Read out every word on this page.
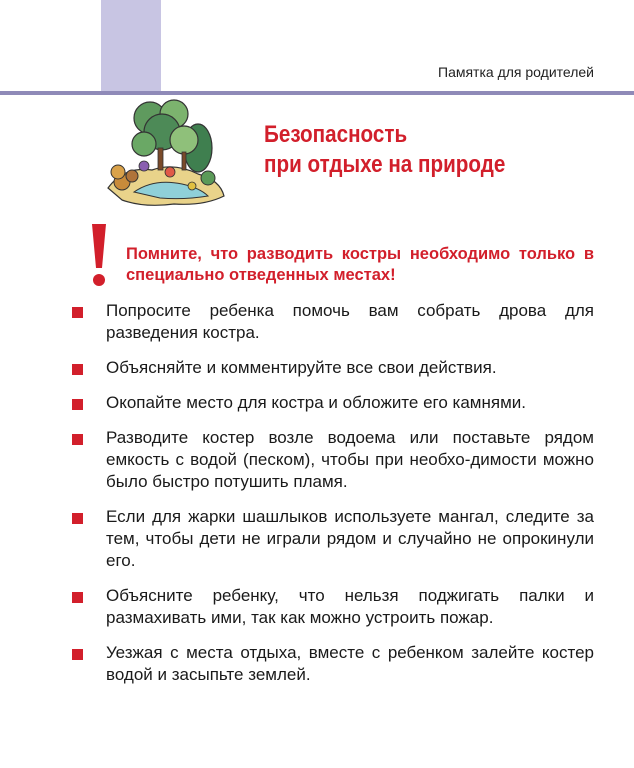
Памятка для родителей
Безопасность
при отдыхе на природе
Помните, что разводить костры необходимо только в специально отведенных местах!
Попросите ребенка помочь вам собрать дрова для разведения костра.
Объясняйте и комментируйте все свои действия.
Окопайте место для костра и обложите его камнями.
Разводите костер возле водоема или поставьте рядом емкость с водой (песком), чтобы при необхо-димости можно было быстро потушить пламя.
Если для жарки шашлыков используете мангал, следите за тем, чтобы дети не играли рядом и случайно не опрокинули его.
Объясните ребенку, что нельзя поджигать палки и размахивать ими, так как можно устроить пожар.
Уезжая с места отдыха, вместе с ребенком залейте костер водой и засыпьте землей.
